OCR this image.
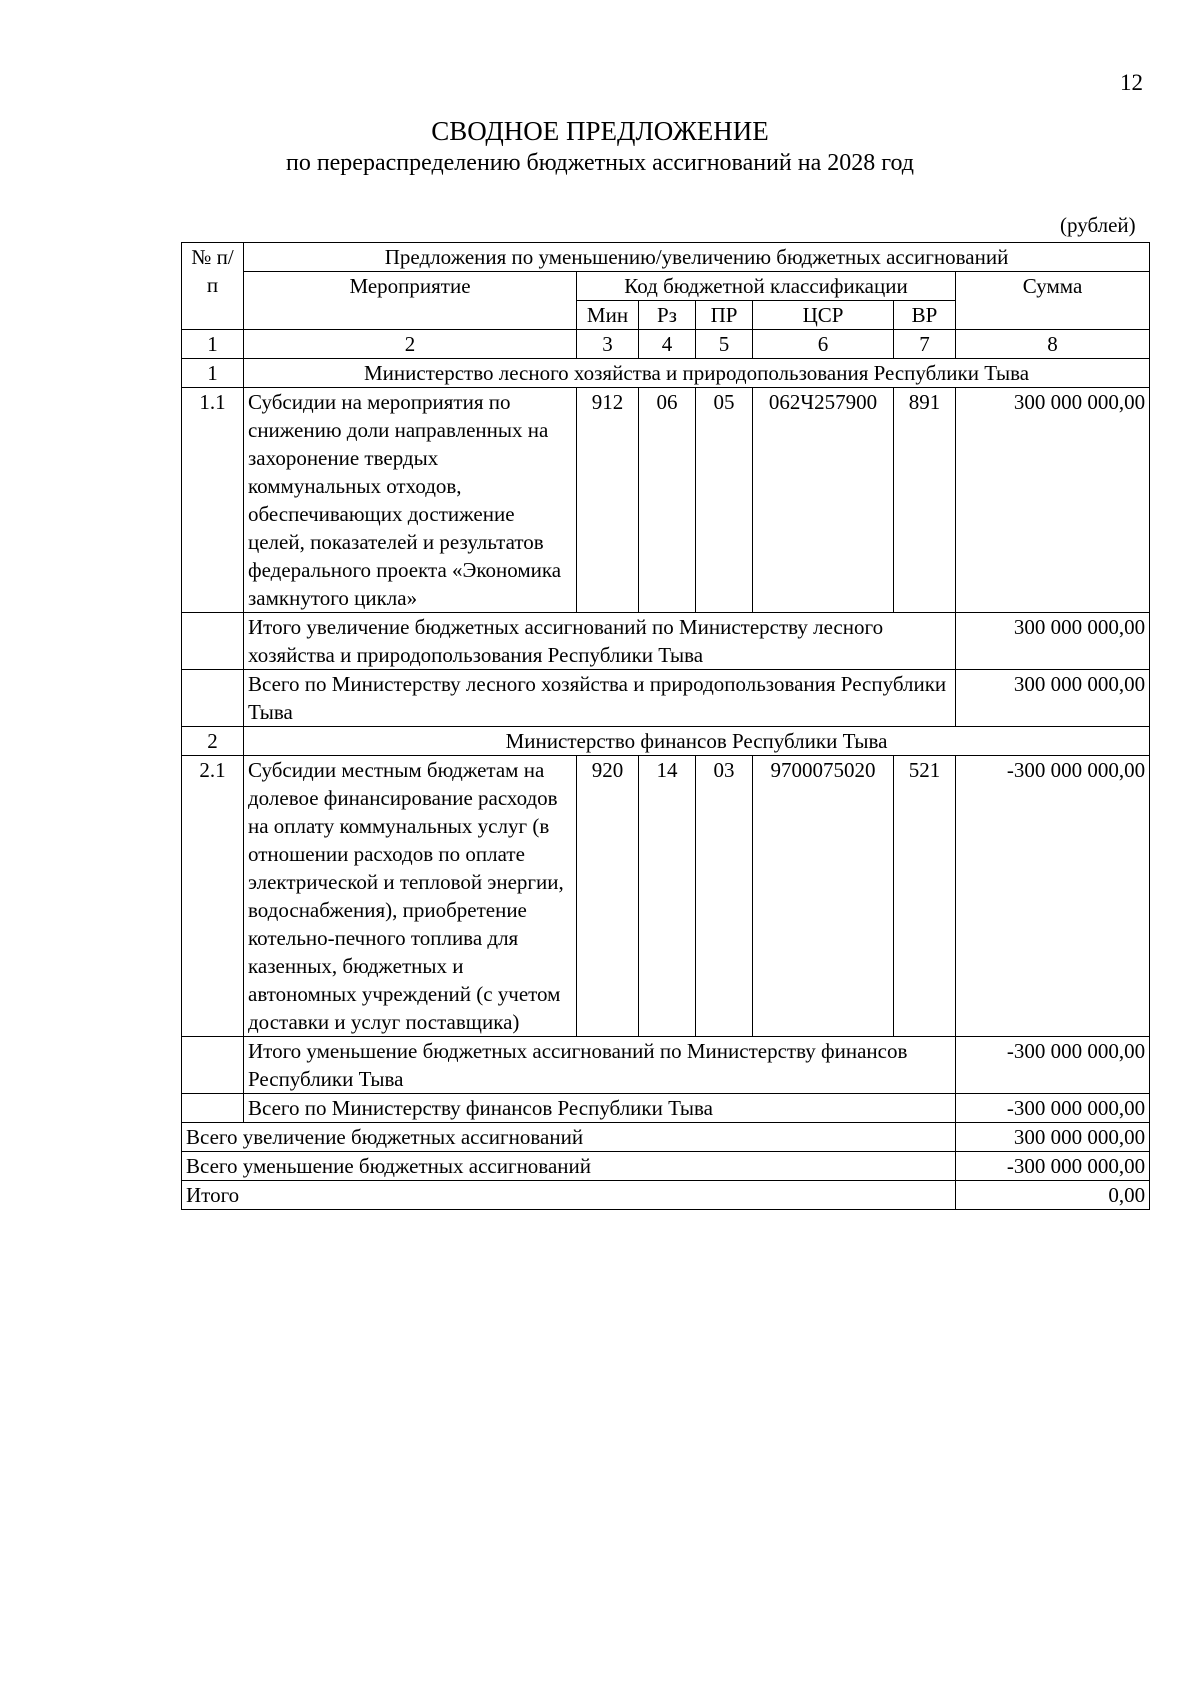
12
СВОДНОЕ ПРЕДЛОЖЕНИЕ
по перераспределению бюджетных ассигнований на 2028 год
(рублей)
№ п/п	Предложения по уменьшению/увеличению бюджетных ассигнований						
	Мероприятие	Код бюджетной классификации					Сумма
		Мин	Рз	ПР	ЦСР	ВР	
1	2	3	4	5	6	7	8
1	Министерство лесного хозяйства и природопользования Республики Тыва						
1.1	Субсидии на мероприятия по снижению доли направленных на захоронение твердых коммунальных отходов, обеспечивающих достижение целей, показателей и результатов федерального проекта «Экономика замкнутого цикла»	912	06	05	062Ч257900	891	300 000 000,00
	Итого увеличение бюджетных ассигнований по Министерству лесного хозяйства и природопользования Республики Тыва						300 000 000,00
	Всего по Министерству лесного хозяйства и природопользования Республики Тыва						300 000 000,00
2	Министерство финансов Республики Тыва						
2.1	Субсидии местным бюджетам на долевое финансирование расходов на оплату коммунальных услуг (в отношении расходов по оплате электрической и тепловой энергии, водоснабжения), приобретение котельно-печного топлива для казенных, бюджетных и автономных учреждений (с учетом доставки и услуг поставщика)	920	14	03	9700075020	521	-300 000 000,00
	Итого уменьшение бюджетных ассигнований по Министерству финансов Республики Тыва						-300 000 000,00
	Всего по Министерству финансов Республики Тыва						-300 000 000,00
Всего увеличение бюджетных ассигнований							300 000 000,00
Всего уменьшение бюджетных ассигнований							-300 000 000,00
Итого							0,00
